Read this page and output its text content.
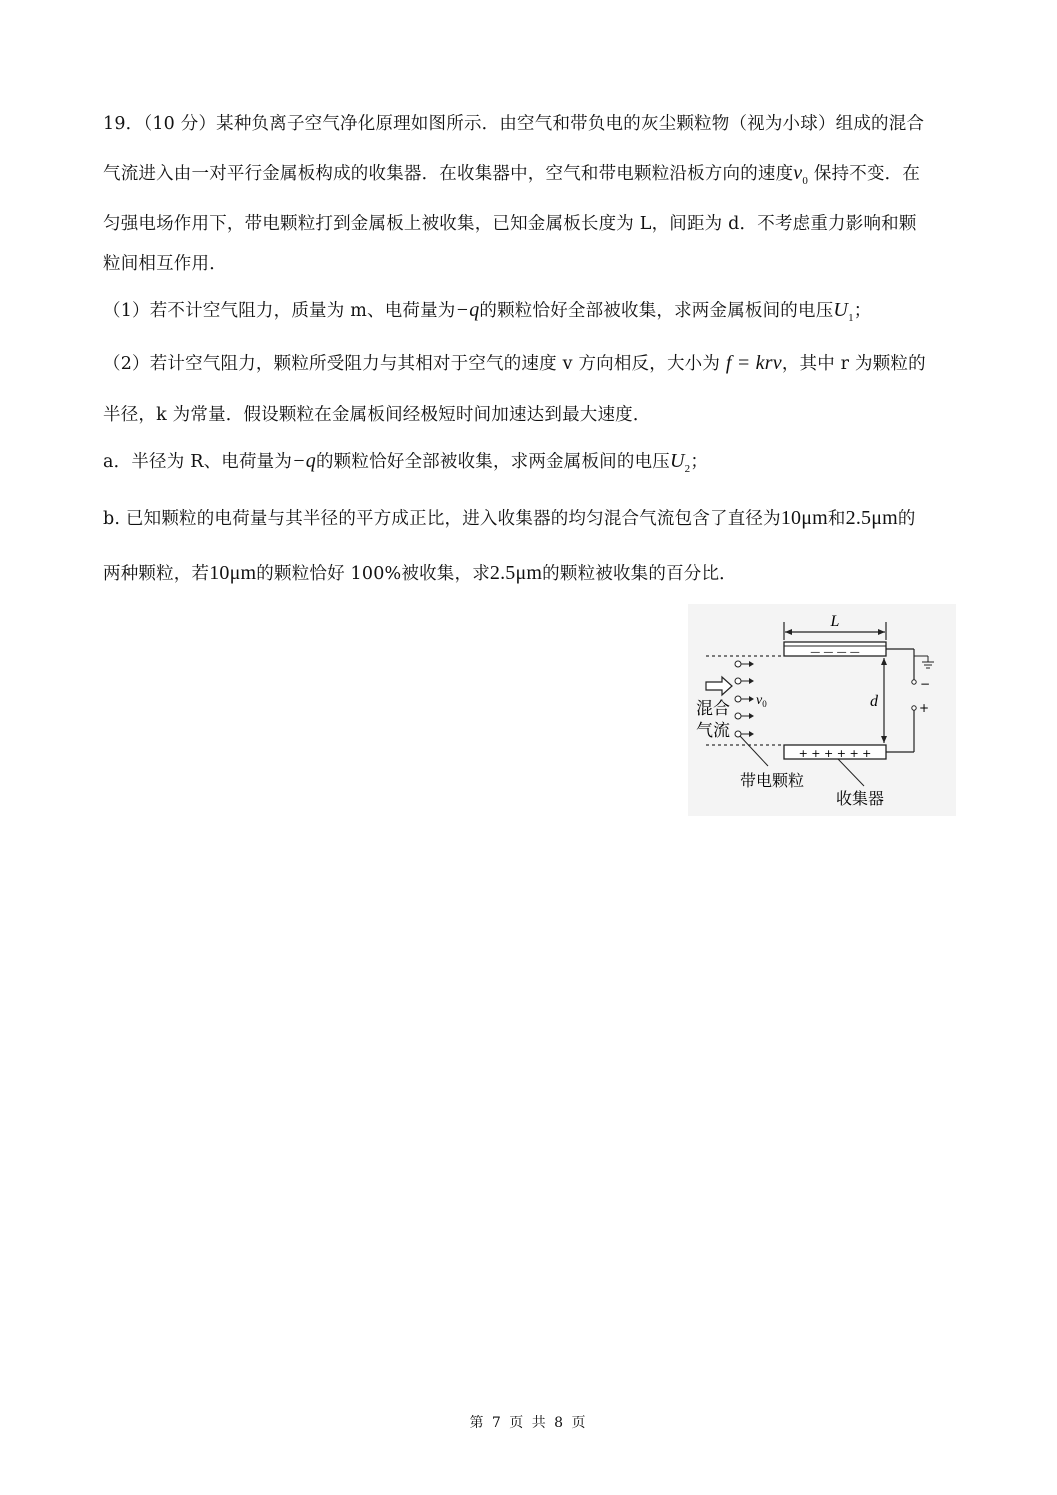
19．（10 分）某种负离子空气净化原理如图所示．由空气和带负电的灰尘颗粒物（视为小球）组成的混合
气流进入由一对平行金属板构成的收集器．在收集器中，空气和带电颗粒沿板方向的速度$v_0$ 保持不变．在
匀强电场作用下，带电颗粒打到金属板上被收集，已知金属板长度为 L，间距为 d．不考虑重力影响和颗
粒间相互作用．
（1）若不计空气阻力，质量为 m、电荷量为−q的颗粒恰好全部被收集，求两金属板间的电压$U_1$；
（2）若计空气阻力，颗粒所受阻力与其相对于空气的速度 v 方向相反，大小为 f = krv，其中 r 为颗粒的
半径，k 为常量．假设颗粒在金属板间经极短时间加速达到最大速度．
a．半径为 R、电荷量为−q的颗粒恰好全部被收集，求两金属板间的电压$U_2$；
b. 已知颗粒的电荷量与其半径的平方成正比，进入收集器的均匀混合气流包含了直径为10μm和2.5μm的
两种颗粒，若10μm的颗粒恰好 100%被收集，求2.5μm的颗粒被收集的百分比．
L
— — — —
+ + + + + +
d
−
+
$v_0$
混合
气流
带电颗粒
收集器
第 7 页 共 8 页
